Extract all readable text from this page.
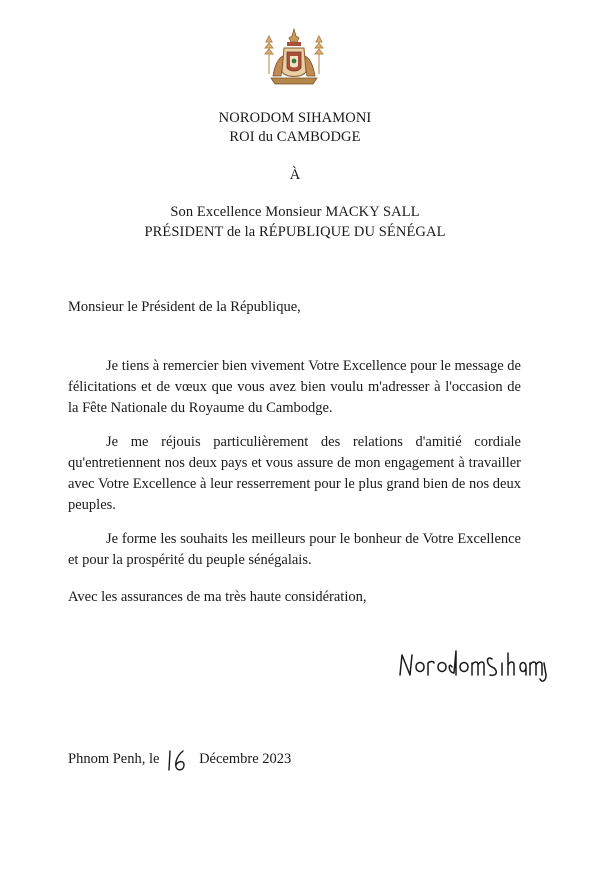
NORODOM SIHAMONI
ROI du CAMBODGE
À
Son Excellence Monsieur MACKY SALL
PRÉSIDENT de la RÉPUBLIQUE DU SÉNÉGAL
Monsieur le Président de la République,

Je tiens à remercier bien vivement Votre Excellence pour le message de félicitations et de vœux que vous avez bien voulu m'adresser à l'occasion de la Fête Nationale du Royaume du Cambodge.

Je me réjouis particulièrement des relations d'amitié cordiale qu'entretiennent nos deux pays et vous assure de mon engagement à travailler avec Votre Excellence à leur resserrement pour le plus grand bien de nos deux peuples.

Je forme les souhaits les meilleurs pour le bonheur de Votre Excellence et pour la prospérité du peuple sénégalais.

Avec les assurances de ma très haute considération,
Phnom Penh, le
	Décembre 2023
